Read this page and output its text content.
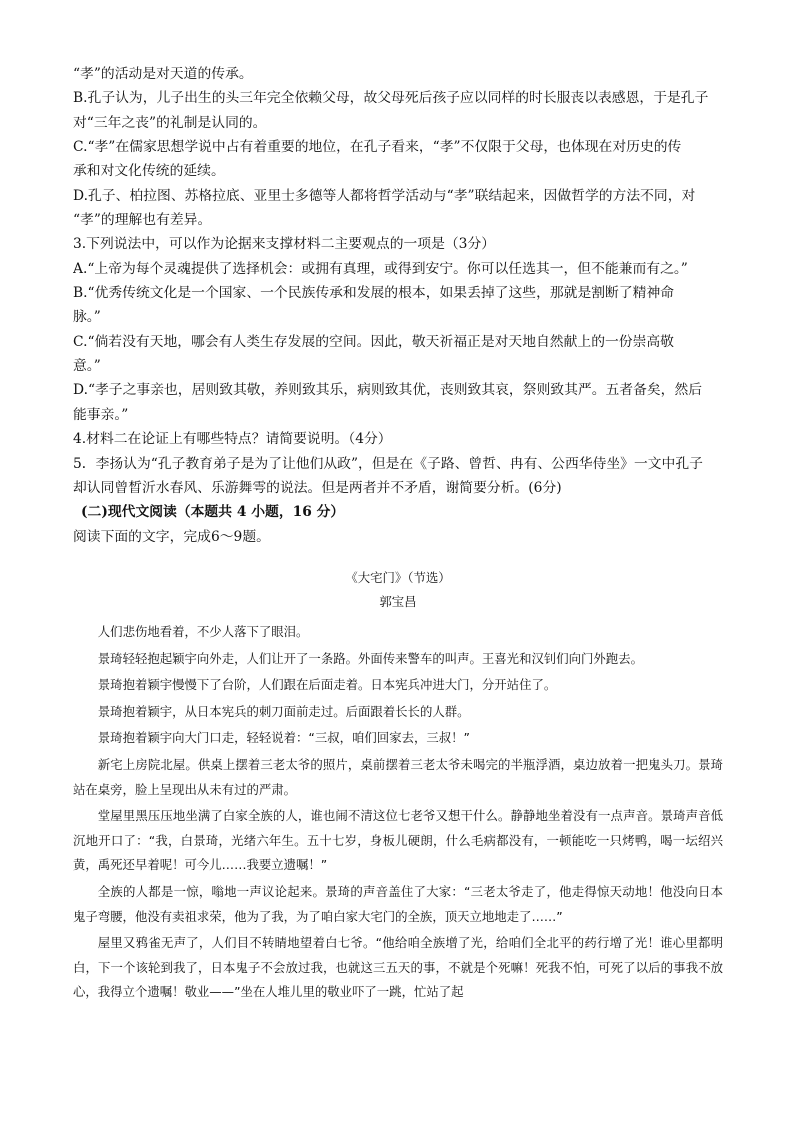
“孝”的活动是对天道的传承。
B.孔子认为，儿子出生的头三年完全依赖父母，故父母死后孩子应以同样的时长服丧以表感恩，于是孔子
对“三年之丧”的礼制是认同的。
C.“孝”在儒家思想学说中占有着重要的地位，在孔子看来，“孝”不仅限于父母，也体现在对历史的传
承和对文化传统的延续。
D.孔子、柏拉图、苏格拉底、亚里士多德等人都将哲学活动与“孝”联结起来，因做哲学的方法不同，对
“孝”的理解也有差异。
3.下列说法中，可以作为论据来支撑材料二主要观点的一项是（3分）
A.“上帝为每个灵魂提供了选择机会：或拥有真理，或得到安宁。你可以任选其一，但不能兼而有之。”
B.“优秀传统文化是一个国家、一个民族传承和发展的根本，如果丢掉了这些，那就是割断了精神命
脉。”
C.“倘若没有天地，哪会有人类生存发展的空间。因此，敬天祈福正是对天地自然献上的一份崇高敬
意。”
D.“孝子之事亲也，居则致其敬，养则致其乐，病则致其优，丧则致其哀，祭则致其严。五者备矣，然后
能事亲。”
4.材料二在论证上有哪些特点？请简要说明。（4分）
5．李扬认为“孔子教育弟子是为了让他们从政”，但是在《子路、曾哲、冉有、公西华侍坐》一文中孔子
却认同曾晳沂水春风、乐游舞雩的说法。但是两者并不矛盾，谢简要分析。(6分)
(二)现代文阅读（本题共 4 小题，16 分）
阅读下面的文字，完成6～9题。
《大宅门》（节选）
郭宝昌

人们悲伤地看着，不少人落下了眼泪。

景琦轻轻抱起颖宇向外走，人们让开了一条路。外面传来警车的叫声。王喜光和汉钊们向门外跑去。

景琦抱着颖宇慢慢下了台阶，人们跟在后面走着。日本宪兵冲进大门，分开站住了。

景琦抱着颖宇，从日本宪兵的刺刀面前走过。后面跟着长长的人群。

景琦抱着颖宇向大门口走，轻轻说着：“三叔，咱们回家去，三叔！”

新宅上房院北屋。供桌上摆着三老太爷的照片，桌前摆着三老太爷未喝完的半瓶浮酒，桌边放着一把鬼头刀。景琦站在桌旁，脸上呈现出从未有过的严肃。

堂屋里黑压压地坐满了白家全族的人，谁也闹不清这位七老爷又想干什么。静静地坐着没有一点声音。景琦声音低沉地开口了：“我，白景琦，光绪六年生。五十七岁，身板儿硬朗，什么毛病都没有，一顿能吃一只烤鸭，喝一坛绍兴黄，禹死还早着呢！可今儿……我要立遗嘱！”

全族的人都是一惊，嗡地一声议论起来。景琦的声音盖住了大家：“三老太爷走了，他走得惊天动地！他没向日本鬼子弯腰，他没有卖祖求荣，他为了我，为了咱白家大宅门的全族，顶天立地地走了……”

屋里又鸦雀无声了，人们目不转睛地望着白七爷。“他给咱全族增了光，给咱们全北平的药行增了光！谁心里都明白，下一个该轮到我了，日本鬼子不会放过我，也就这三五天的事，不就是个死嘛！死我不怕，可死了以后的事我不放心，我得立个遗嘱！敬业——”坐在人堆儿里的敬业吓了一跳，忙站了起
